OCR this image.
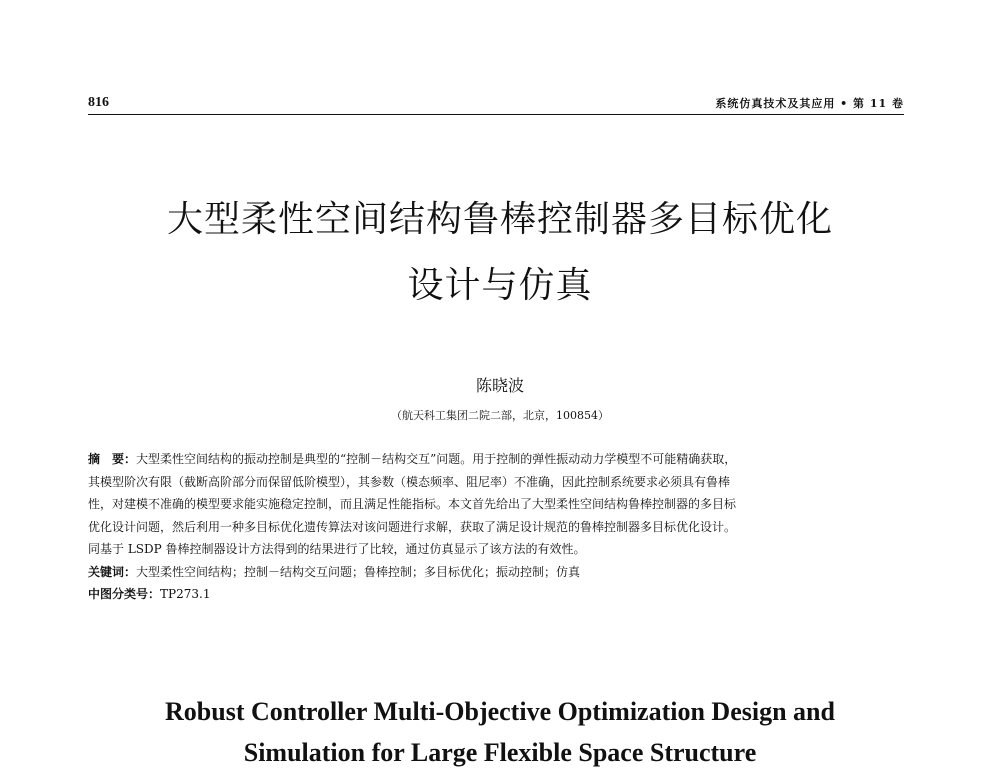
816	系统仿真技术及其应用 • 第 11 卷
大型柔性空间结构鲁棒控制器多目标优化
设计与仿真
陈晓波
（航天科工集团二院二部，北京，100854）
摘　要：大型柔性空间结构的振动控制是典型的“控制－结构交互”问题。用于控制的弹性振动动力学模型不可能精确获取，
其模型阶次有限（截断高阶部分而保留低阶模型），其参数（模态频率、阻尼率）不准确，因此控制系统要求必须具有鲁棒
性，对建模不准确的模型要求能实施稳定控制，而且满足性能指标。本文首先给出了大型柔性空间结构鲁棒控制器的多目标
优化设计问题，然后利用一种多目标优化遗传算法对该问题进行求解，获取了满足设计规范的鲁棒控制器多目标优化设计。
同基于 LSDP 鲁棒控制器设计方法得到的结果进行了比较，通过仿真显示了该方法的有效性。
关键词：大型柔性空间结构；控制－结构交互问题；鲁棒控制；多目标优化；振动控制；仿真
中图分类号：TP273.1
Robust Controller Multi-Objective Optimization Design and
Simulation for Large Flexible Space Structure
